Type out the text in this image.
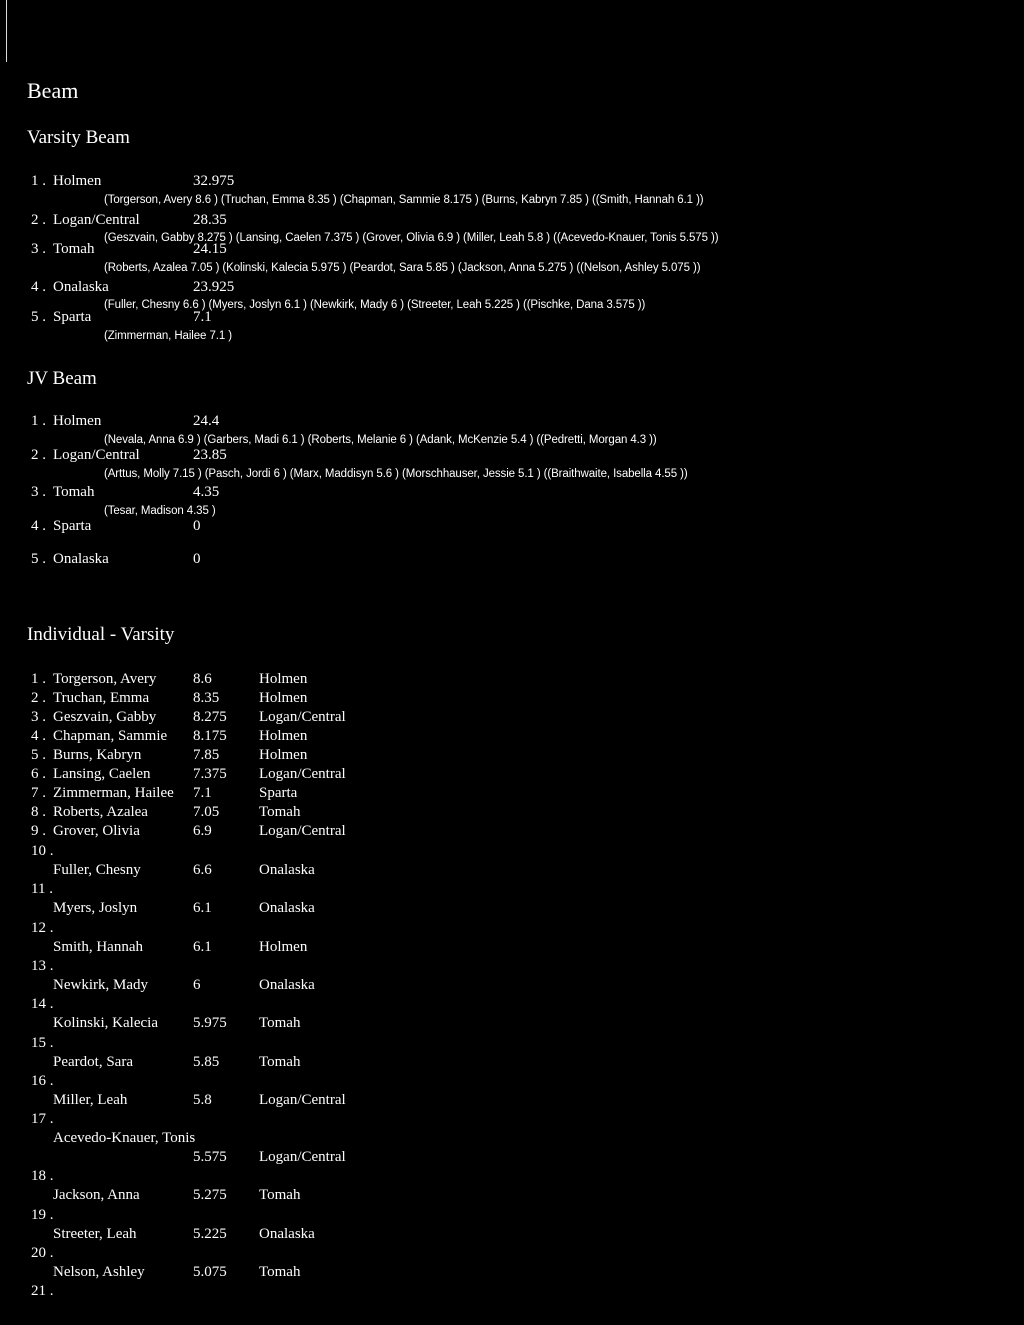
Beam
Varsity Beam
1 . Holmen	32.975
(Torgerson, Avery 8.6 ) (Truchan, Emma 8.35 ) (Chapman, Sammie 8.175 ) (Burns, Kabryn 7.85 ) ((Smith, Hannah 6.1 ))
2 . Logan/Central	28.35
(Geszvain, Gabby 8.275 ) (Lansing, Caelen 7.375 ) (Grover, Olivia 6.9 ) (Miller, Leah 5.8 ) ((Acevedo-Knauer, Tonis 5.575 ))
3 . Tomah	24.15
(Roberts, Azalea 7.05 ) (Kolinski, Kalecia 5.975 ) (Peardot, Sara 5.85 ) (Jackson, Anna 5.275 ) ((Nelson, Ashley 5.075 ))
4 . Onalaska	23.925
(Fuller, Chesny 6.6 ) (Myers, Joslyn 6.1 ) (Newkirk, Mady 6 ) (Streeter, Leah 5.225 ) ((Pischke, Dana 3.575 ))
5 . Sparta	7.1
(Zimmerman, Hailee 7.1 )
JV Beam
1 . Holmen	24.4
(Nevala, Anna 6.9 ) (Garbers, Madi 6.1 ) (Roberts, Melanie 6 ) (Adank, McKenzie 5.4 ) ((Pedretti, Morgan 4.3 ))
2 . Logan/Central	23.85
(Arttus, Molly 7.15 ) (Pasch, Jordi 6 ) (Marx, Maddisyn 5.6 ) (Morschhauser, Jessie 5.1 ) ((Braithwaite, Isabella 4.55 ))
3 . Tomah	4.35
(Tesar, Madison 4.35 )
4 . Sparta	0
5 . Onalaska	0
Individual - Varsity
1 . Torgerson, Avery 8.6	Holmen
2 . Truchan, Emma	8.35	Holmen
3 . Geszvain, Gabby 8.275 Logan/Central
4 . Chapman, Sammie 8.175 Holmen
5 . Burns, Kabryn	7.85	Holmen
6 . Lansing, Caelen	7.375 Logan/Central
7 . Zimmerman, Hailee 7.1	Sparta
8 . Roberts, Azalea	7.05	Tomah
9 . Grover, Olivia	6.9	Logan/Central
10 .
Fuller, Chesny	6.6	Onalaska
11 .
Myers, Joslyn	6.1	Onalaska
12 .
Smith, Hannah	6.1	Holmen
13 .
Newkirk, Mady	6	Onalaska
14 .
Kolinski, Kalecia 5.975 Tomah
15 .
Peardot, Sara	5.85	Tomah
16 .
Miller, Leah	5.8	Logan/Central
17 .
Acevedo-Knauer, Tonis
5.575 Logan/Central
18 .
Jackson, Anna	5.275 Tomah
19 .
Streeter, Leah	5.225 Onalaska
20 .
Nelson, Ashley	5.075 Tomah
21 .
